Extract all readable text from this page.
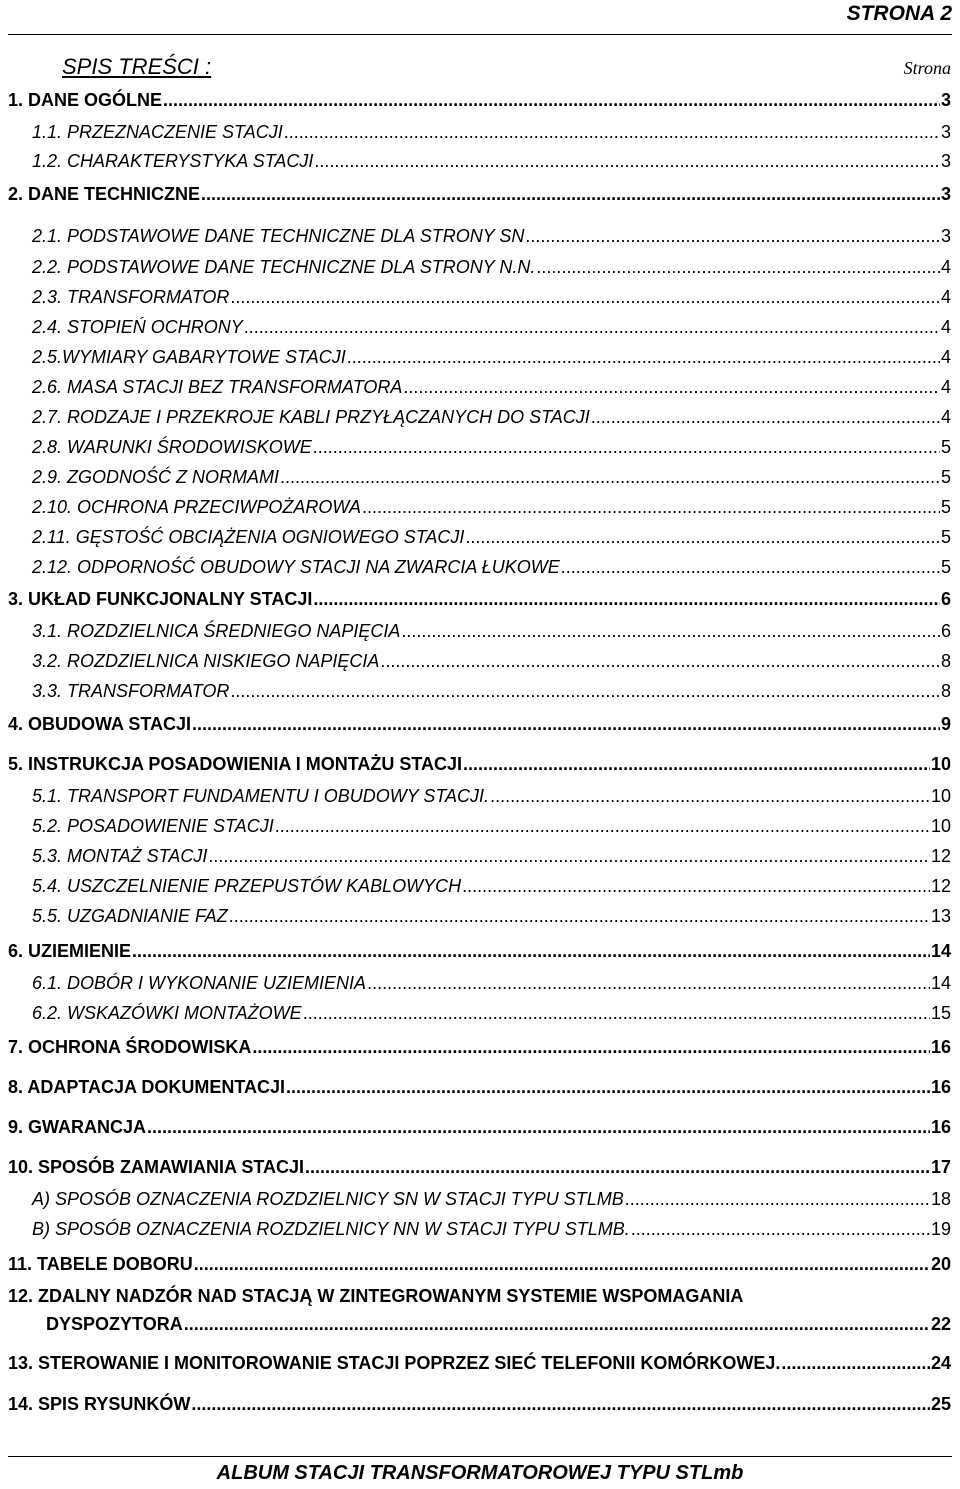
STRONA 2
SPIS TREŚCI :	Strona
1. DANE OGÓLNE .....	3
1.1. PRZEZNACZENIE STACJI .....	3
1.2. CHARAKTERYSTYKA STACJI .....	3
2. DANE TECHNICZNE .....	3
2.1. PODSTAWOWE DANE TECHNICZNE DLA STRONY SN .....	3
2.2. PODSTAWOWE DANE TECHNICZNE DLA STRONY N.N. .....	4
2.3. TRANSFORMATOR .....	4
2.4. STOPIEŃ OCHRONY .....	4
2.5.WYMIARY GABARYTOWE STACJI .....	4
2.6. MASA STACJI BEZ TRANSFORMATORA .....	4
2.7. RODZAJE I PRZEKROJE KABLI PRZYŁĄCZANYCH DO STACJI .....	4
2.8. WARUNKI ŚRODOWISKOWE .....	5
2.9. ZGODNOŚĆ Z NORMAMI .....	5
2.10. OCHRONA PRZECIWPOŻAROWA .....	5
2.11. GĘSTOŚĆ OBCIĄŻENIA OGNIOWEGO STACJI .....	5
2.12. ODPORNOŚĆ OBUDOWY STACJI NA ZWARCIA ŁUKOWE .....	5
3. UKŁAD FUNKCJONALNY STACJI .....	6
3.1. ROZDZIELNICA ŚREDNIEGO NAPIĘCIA .....	6
3.2. ROZDZIELNICA NISKIEGO NAPIĘCIA .....	8
3.3. TRANSFORMATOR .....	8
4. OBUDOWA STACJI .....	9
5. INSTRUKCJA POSADOWIENIA I MONTAŻU STACJI .....	10
5.1. TRANSPORT FUNDAMENTU I OBUDOWY STACJI. .....	10
5.2. POSADOWIENIE STACJI .....	10
5.3. MONTAŻ STACJI .....	12
5.4. USZCZELNIENIE PRZEPUSTÓW KABLOWYCH .....	12
5.5. UZGADNIANIE FAZ .....	13
6. UZIEMIENIE .....	14
6.1. DOBÓR I WYKONANIE UZIEMIENIA .....	14
6.2. WSKAZÓWKI MONTAŻOWE .....	15
7. OCHRONA ŚRODOWISKA .....	16
8. ADAPTACJA DOKUMENTACJI .....	16
9. GWARANCJA .....	16
10. SPOSÓB ZAMAWIANIA STACJI .....	17
A) SPOSÓB OZNACZENIA ROZDZIELNICY SN W STACJI TYPU STLMB .....	18
B) SPOSÓB OZNACZENIA ROZDZIELNICY NN W STACJI TYPU STLMB. .....	19
11. TABELE DOBORU .....	20
12. ZDALNY NADZÓR NAD STACJĄ W ZINTEGROWANYM SYSTEMIE WSPOMAGANIA
DYSPOZYTORA .....	22
13. STEROWANIE I MONITOROWANIE STACJI POPRZEZ SIEĆ TELEFONII KOMÓRKOWEJ. .....	24
14. SPIS RYSUNKÓW .....	25
ALBUM STACJI TRANSFORMATOROWEJ TYPU STLmb
